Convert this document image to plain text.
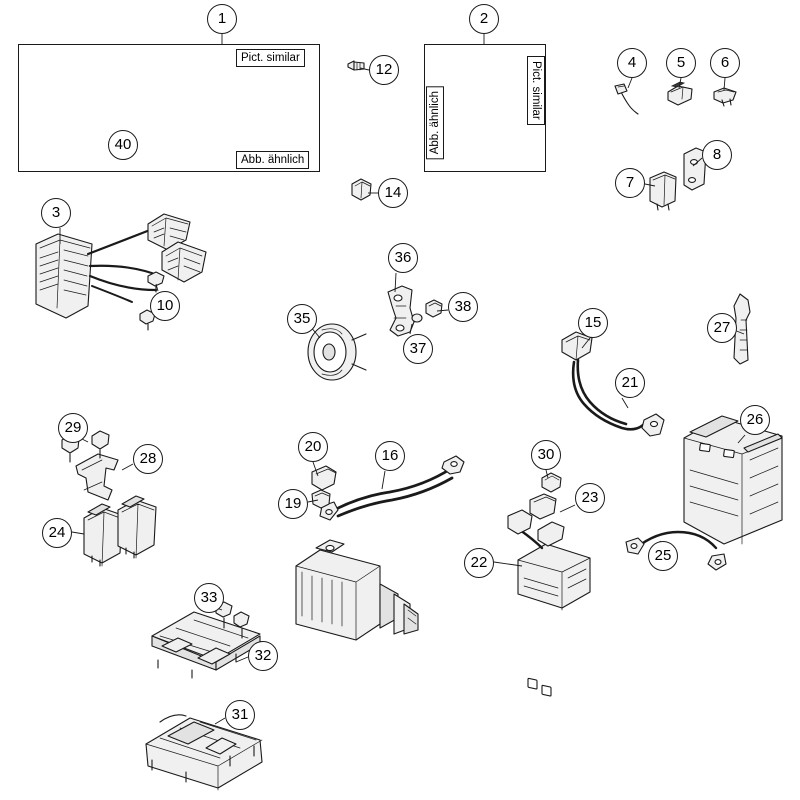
Pict. similar
Abb. ähnlich
Abb. ähnlich
Pict. similar
1	2
3
4	5	6
7
8
10
12
14
15
16
19
20
21
22
23
24
25
26
27
28
29
30
31
32
33
35
36
37
38
40
